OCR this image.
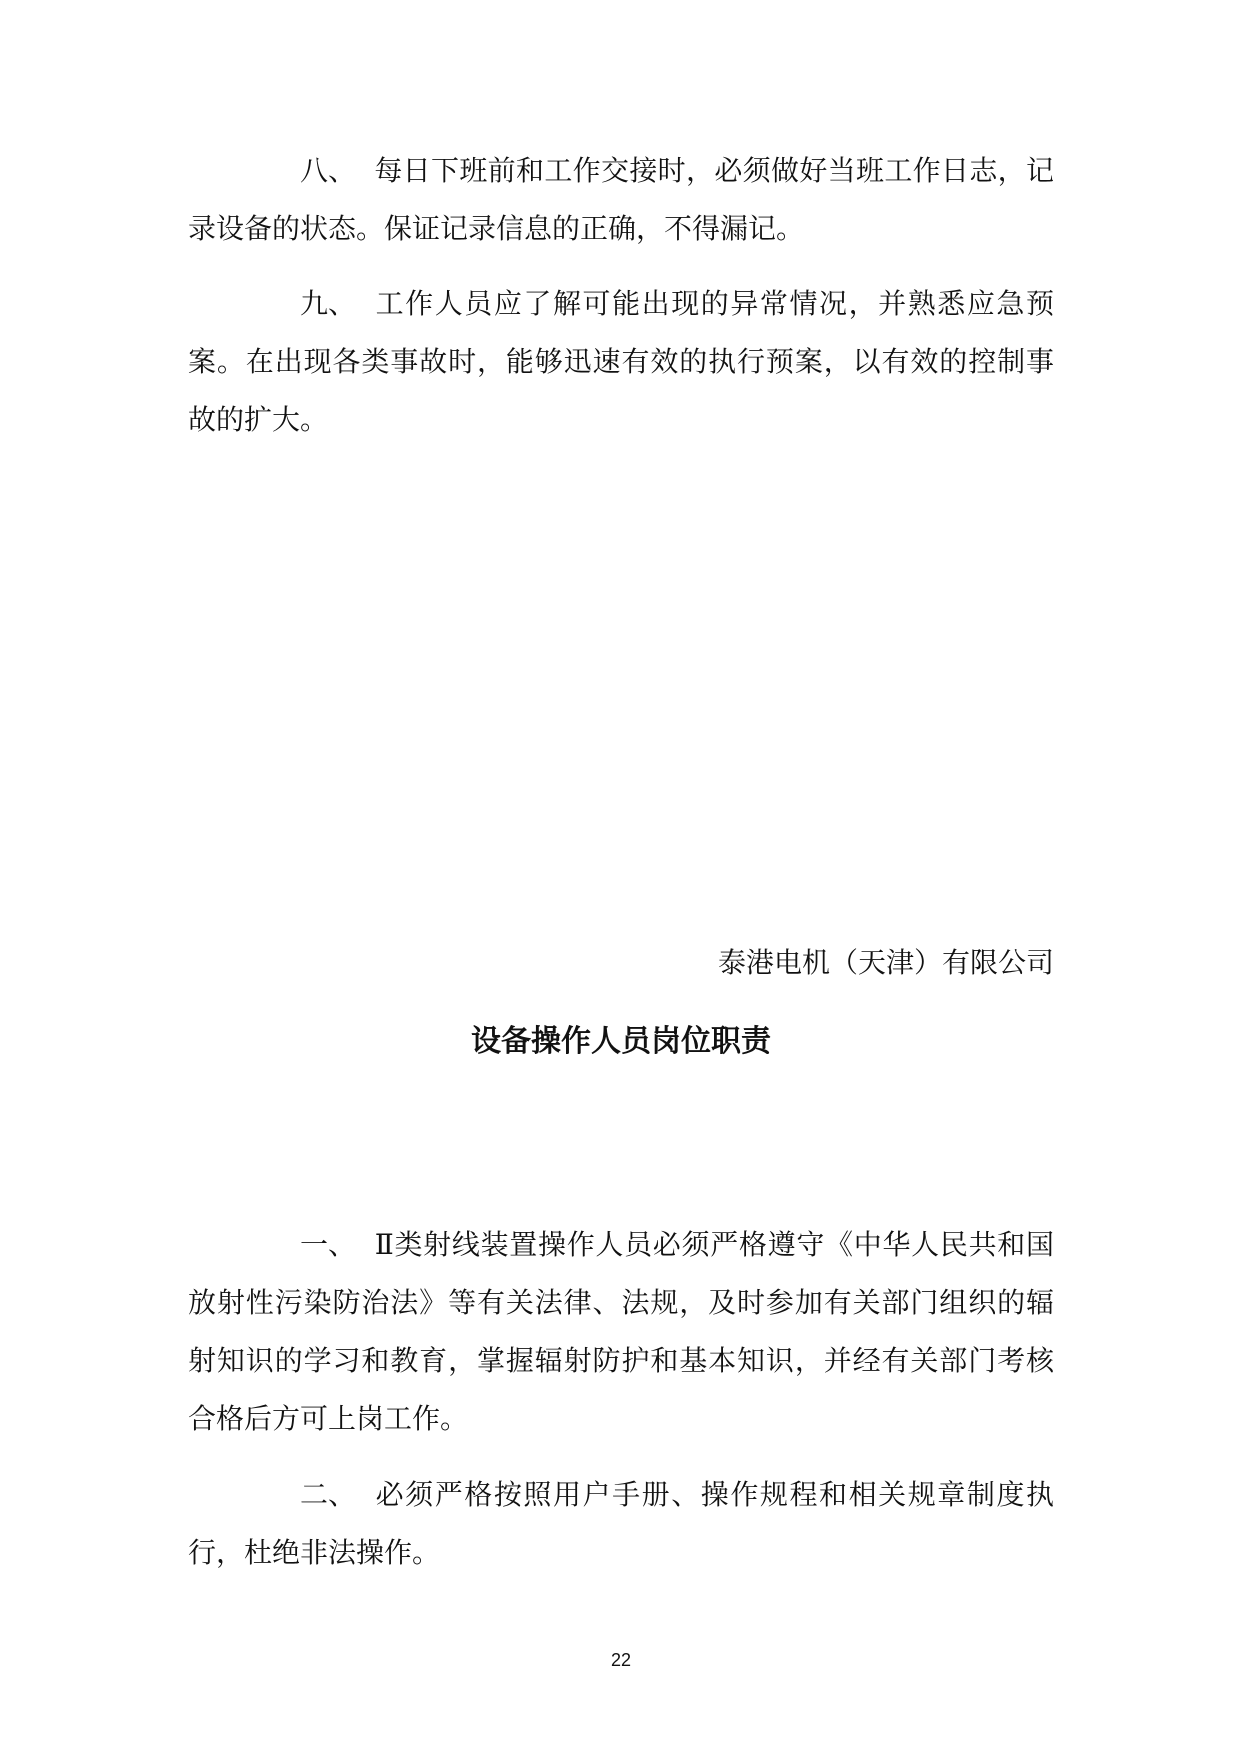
八、 每日下班前和工作交接时，必须做好当班工作日志，记录设备的状态。保证记录信息的正确，不得漏记。

九、 工作人员应了解可能出现的异常情况，并熟悉应急预案。在出现各类事故时，能够迅速有效的执行预案，以有效的控制事故的扩大。

泰港电机（天津）有限公司

设备操作人员岗位职责

一、 Ⅱ类射线装置操作人员必须严格遵守《中华人民共和国放射性污染防治法》等有关法律、法规，及时参加有关部门组织的辐射知识的学习和教育，掌握辐射防护和基本知识，并经有关部门考核合格后方可上岗工作。

二、 必须严格按照用户手册、操作规程和相关规章制度执行，杜绝非法操作。

22
